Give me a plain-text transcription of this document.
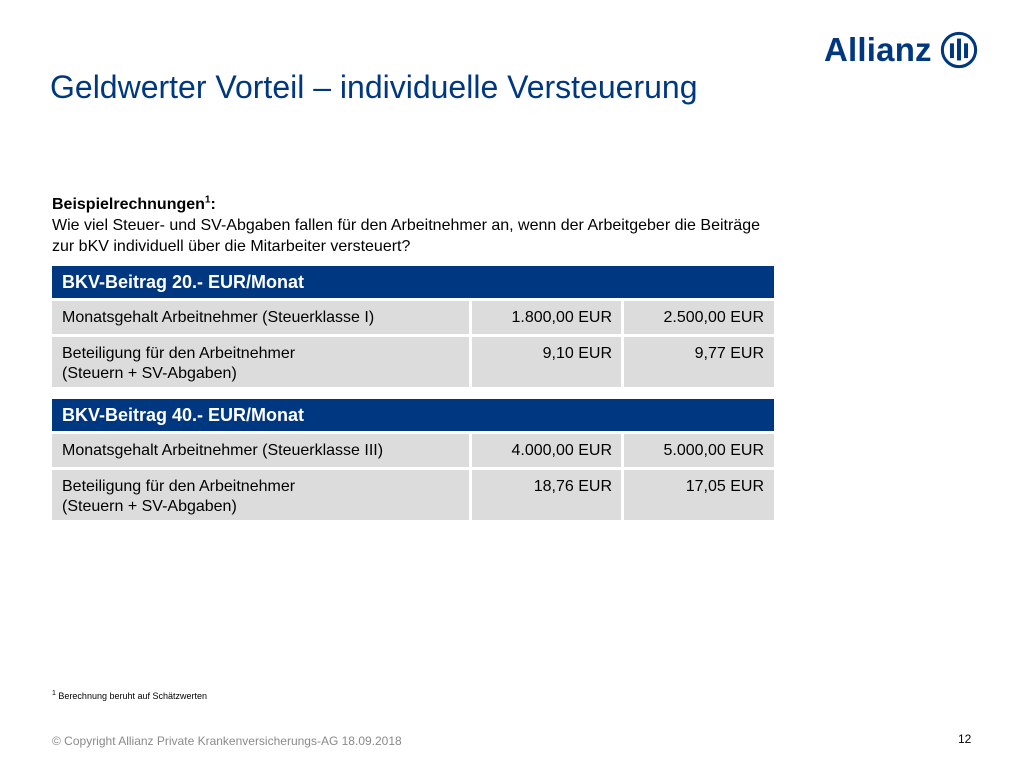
Allianz
Geldwerter Vorteil – individuelle Versteuerung
Beispielrechnungen$^1$:
Wie viel Steuer- und SV-Abgaben fallen für den Arbeitnehmer an, wenn der Arbeitgeber die Beiträge
zur bKV individuell über die Mitarbeiter versteuert?
BKV-Beitrag 20.- EUR/Monat
Monatsgehalt Arbeitnehmer (Steuerklasse I)	1.800,00 EUR	2.500,00 EUR
Beteiligung für den Arbeitnehmer
(Steuern + SV-Abgaben)
9,10 EUR	9,77 EUR
BKV-Beitrag 40.- EUR/Monat
Monatsgehalt Arbeitnehmer (Steuerklasse III)	4.000,00 EUR	5.000,00 EUR
Beteiligung für den Arbeitnehmer
(Steuern + SV-Abgaben)
18,76 EUR	17,05 EUR
$^1$ Berechnung beruht auf Schätzwerten
© Copyright Allianz Private Krankenversicherungs-AG 18.09.2018	12
